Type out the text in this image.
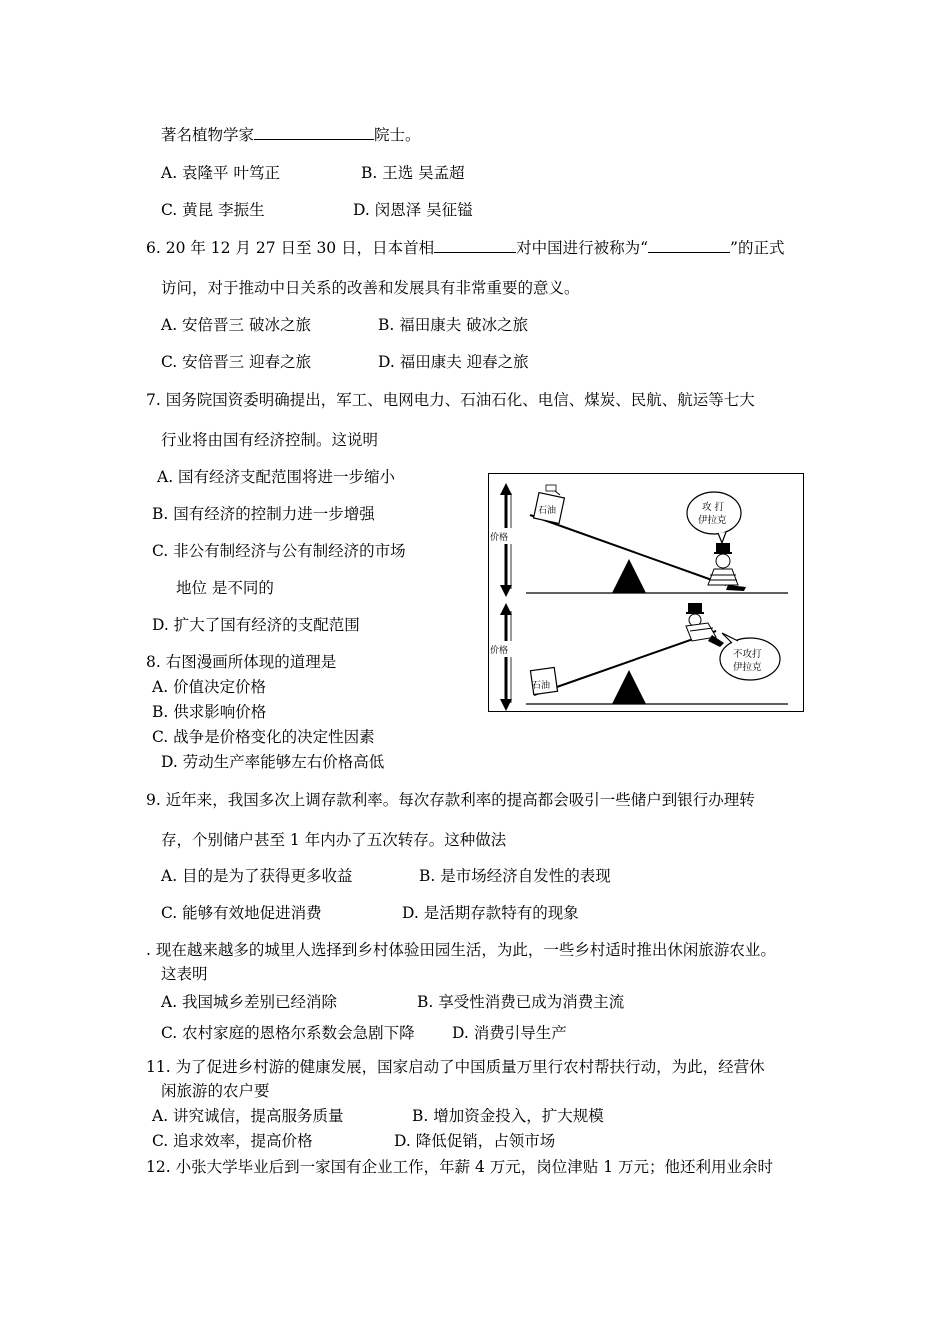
著名植物学家	院士。
A. 袁隆平 叶笃正	B. 王选 吴孟超
C. 黄昆 李振生	D. 闵恩泽 吴征镒
6. 20 年 12 月 27 日至 30 日，日本首相	对中国进行被称为“	”的正式
访问，对于推动中日关系的改善和发展具有非常重要的意义。
A. 安倍晋三 破冰之旅	B. 福田康夫 破冰之旅
C. 安倍晋三 迎春之旅	D. 福田康夫 迎春之旅
7. 国务院国资委明确提出，军工、电网电力、石油石化、电信、煤炭、民航、航运等七大
行业将由国有经济控制。这说明
A. 国有经济支配范围将进一步缩小
B. 国有经济的控制力进一步增强
C. 非公有制经济与公有制经济的市场
地位 是不同的
D. 扩大了国有经济的支配范围
8. 右图漫画所体现的道理是
A. 价值决定价格
B. 供求影响价格
C. 战争是价格变化的决定性因素
D. 劳动生产率能够左右价格高低
价格
石油	攻 打
伊拉克
价格
石油
不攻打
伊拉克
9. 近年来，我国多次上调存款利率。每次存款利率的提高都会吸引一些储户到银行办理转
存，个别储户甚至 1 年内办了五次转存。这种做法
A. 目的是为了获得更多收益	B. 是市场经济自发性的表现
C. 能够有效地促进消费	D. 是活期存款特有的现象
. 现在越来越多的城里人选择到乡村体验田园生活，为此，一些乡村适时推出休闲旅游农业。
这表明
A. 我国城乡差别已经消除	B. 享受性消费已成为消费主流
C. 农村家庭的恩格尔系数会急剧下降 D. 消费引导生产
11. 为了促进乡村游的健康发展，国家启动了中国质量万里行农村帮扶行动，为此，经营休
闲旅游的农户要
A. 讲究诚信，提高服务质量	B. 增加资金投入，扩大规模
C. 追求效率，提高价格	D. 降低促销，占领市场
12. 小张大学毕业后到一家国有企业工作，年薪 4 万元，岗位津贴 1 万元；他还利用业余时
